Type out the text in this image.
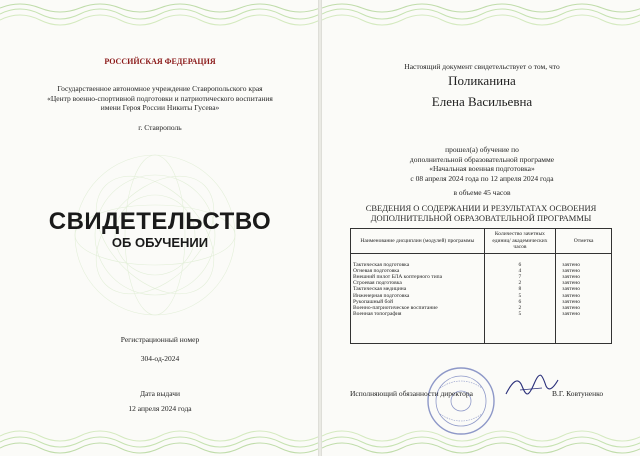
РОССИЙСКАЯ ФЕДЕРАЦИЯ
Государственное автономное учреждение Ставропольского края
«Центр военно-спортивной подготовки и патриотического воспитания
имени Героя России Никиты Гусева»
г. Ставрополь
СВИДЕТЕЛЬСТВО
ОБ ОБУЧЕНИИ
Регистрационный номер
304-од-2024
Дата выдачи
12 апреля 2024 года
Настоящий документ свидетельствует о том, что
Поликанина
Елена Васильевна
прошел(а) обучение по
дополнительной образовательной программе
«Начальная военная подготовка»
с 08 апреля 2024 года по 12 апреля 2024 года
в объеме 45 часов
СВЕДЕНИЯ О СОДЕРЖАНИИ И РЕЗУЛЬТАТАХ ОСВОЕНИЯ
ДОПОЛНИТЕЛЬНОЙ ОБРАЗОВАТЕЛЬНОЙ ПРОГРАММЫ
Наименование дисциплин (модулей) программы	Количество зачетных единиц/ академических часов	Отметка
Тактическая подготовка	6	зачтено
Огневая подготовка	4	зачтено
Внешний пилот БЛА коптерного типа	7	зачтено
Строевая подготовка	2	зачтено
Тактическая медицина	8	зачтено
Инженерная подготовка	5	зачтено
Рукопашный бой	6	зачтено
Военно-патриотическое воспитание	2	зачтено
Военная топография	5	зачтено
Исполняющий обязанности директора	В.Г. Ковтуненко
